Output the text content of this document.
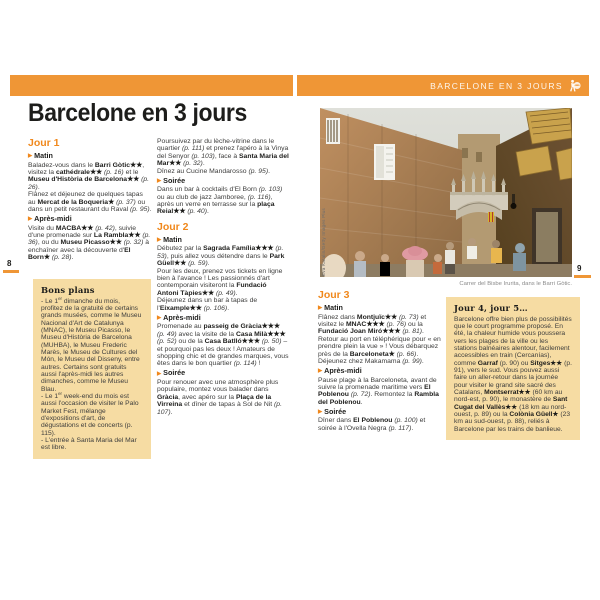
BARCELONE EN 3 JOURS
Barcelone en 3 jours
Jour 1
▶ Matin

Baladez-vous dans le Barri Gòtic★★, visitez la cathédrale★★ (p. 16) et le Museu d'Història de Barcelona★★ (p. 26).

Flânez et déjeunez de quelques tapas au Mercat de la Boqueria★ (p. 37) ou dans un petit restaurant du Raval (p. 95).

▶ Après-midi

Visite du MACBA★★ (p. 42), suivie d'une promenade sur La Rambla★★ (p. 36), ou du Museu Picasso★★ (p. 32) à enchaîner avec la découverte d'El Born★ (p. 28).

Bons plans

- Le 1er dimanche du mois, profitez de la gratuité de certains grands musées, comme le Museu Nacional d'Art de Catalunya (MNAC), le Museu Picasso, le Museu d'Història de Barcelona (MUHBA), le Museu Frederic Marès, le Museu de Cultures del Món, le Museu del Disseny, entre autres. Certains sont gratuits aussi l'après-midi les autres dimanches, comme le Museu Blau.

- Le 1er week-end du mois est aussi l'occasion de visiter le Palo Market Fest, mélange d'expositions d'art, de dégustations et de concerts (p. 115).

- L'entrée à Santa Maria del Mar est libre.

Poursuivez par du lèche-vitrine dans le quartier (p. 111) et prenez l'apéro à la Vinya del Senyor (p. 103), face à Santa Maria del Mar★★ (p. 32).

Dînez au Cucine Mandarosso (p. 95).

▶ Soirée

Dans un bar à cocktails d'El Born (p. 103) ou au club de jazz Jamboree, (p. 116), après un verre en terrasse sur la plaça Reial★★ (p. 40).

Jour 2
▶ Matin

Débutez par la Sagrada Família★★★ (p. 53), puis allez vous détendre dans le Park Güell★★ (p. 59).

Pour les deux, prenez vos tickets en ligne bien à l'avance ! Les passionnés d'art contemporain visiteront la Fundació Antoni Tàpies★★ (p. 49).

Déjeunez dans un bar à tapas de l'Eixample★★ (p. 106).

▶ Après-midi

Promenade au passeig de Gràcia★★★ (p. 49) avec la visite de la Casa Milà★★★ (p. 52) ou de la Casa Batlló★★★ (p. 50) – et pourquoi pas les deux ! Amateurs de shopping chic et de grandes marques, vous êtes dans le bon quartier (p. 114) !

▶ Soirée

Pour renouer avec une atmosphère plus populaire, montez vous balader dans Gràcia, avec apéro sur la Plaça de la Virreina et dîner de tapas à Sol de Nit (p. 107).

8	Eva Katalin/Getty Images Plus
Carrer del Bisbe Irurita, dans le Barri Gòtic.
9
Jour 3
▶ Matin

Flânez dans Montjuïc★★ (p. 73) et visitez le MNAC★★★ (p. 76) ou la Fundació Joan Miró★★★ (p. 81).

Retour au port en téléphérique pour « en prendre plein la vue » ! Vous débarquez près de la Barceloneta★ (p. 66). Déjeunez chez Makamama (p. 99).

▶ Après-midi

Pause plage à la Barceloneta, avant de suivre la promenade maritime vers El Poblenou (p. 72). Remontez la Rambla del Poblenou.

▶ Soirée

Dîner dans El Poblenou (p. 100) et soirée à l'Ovella Negra (p. 117).

Jour 4, jour 5…

Barcelone offre bien plus de possibilités que le court programme proposé. En été, la chaleur humide vous poussera vers les plages de la ville ou les stations balnéaires alentour, facilement accessibles en train (Cercanías), comme Garraf (p. 90) ou Sitges★★ (p. 91), vers le sud. Vous pouvez aussi faire un aller-retour dans la journée pour visiter le grand site sacré des Catalans, Montserrat★★ (60 km au nord-est, p. 90), le monastère de Sant Cugat del Vallès★★ (18 km au nord-ouest, p. 89) ou la Colònia Güell★ (23 km au sud-ouest, p. 88), reliés à Barcelone par les trains de banlieue.
